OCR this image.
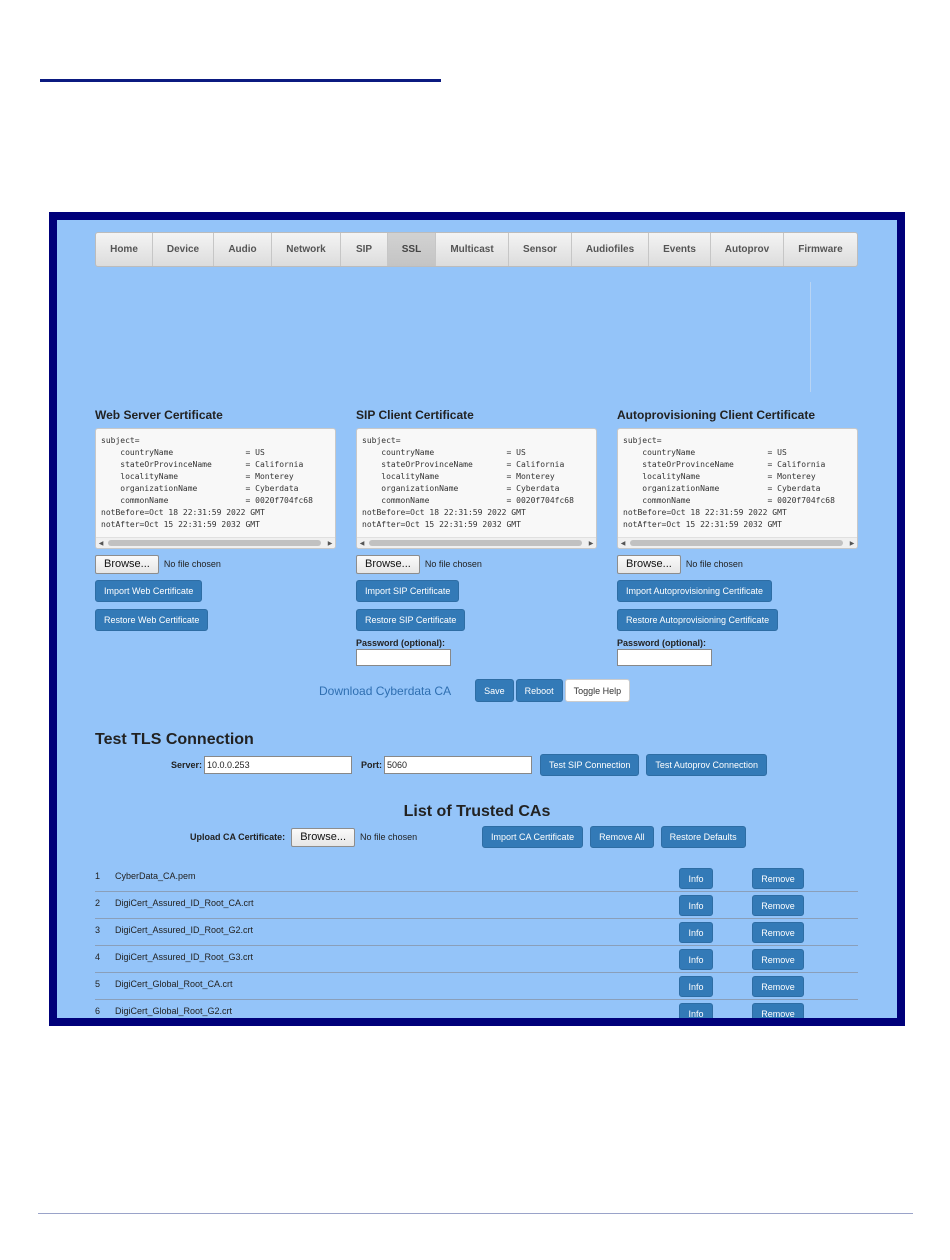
Home	Device	Audio	Network	SIP	SSL	Multicast	Sensor	Audiofiles	Events	Autoprov	Firmware
Web Server Certificate
subject=
countryName               = US
stateOrProvinceName       = California
localityName              = Monterey
organizationName          = Cyberdata
commonName                = 0020f704fc68
notBefore=Oct 18 22:31:59 2022 GMT
notAfter=Oct 15 22:31:59 2032 GMT
◀	▶
Browse...	No file chosen
Import Web Certificate
Restore Web Certificate
SIP Client Certificate
subject=
countryName               = US
stateOrProvinceName       = California
localityName              = Monterey
organizationName          = Cyberdata
commonName                = 0020f704fc68
notBefore=Oct 18 22:31:59 2022 GMT
notAfter=Oct 15 22:31:59 2032 GMT
◀	▶
Browse...	No file chosen
Import SIP Certificate
Restore SIP Certificate
Password (optional):
Autoprovisioning Client Certificate
subject=
countryName               = US
stateOrProvinceName       = California
localityName              = Monterey
organizationName          = Cyberdata
commonName                = 0020f704fc68
notBefore=Oct 18 22:31:59 2022 GMT
notAfter=Oct 15 22:31:59 2032 GMT
◀	▶
Browse...	No file chosen
Import Autoprovisioning Certificate
Restore Autoprovisioning Certificate
Password (optional):
Download Cyberdata CA	Save	Reboot	Toggle Help
Test TLS Connection
Server: 10.0.0.253	Port: 5060	Test SIP Connection	Test Autoprov Connection
List of Trusted CAs
Upload CA Certificate:	Browse...	No file chosen	Import CA Certificate	Remove All	Restore Defaults
1 CyberData_CA.pem	Info	Remove
2 DigiCert_Assured_ID_Root_CA.crt	Info	Remove
3 DigiCert_Assured_ID_Root_G2.crt	Info	Remove
4 DigiCert_Assured_ID_Root_G3.crt	Info	Remove
5 DigiCert_Global_Root_CA.crt	Info	Remove
6 DigiCert_Global_Root_G2.crt	Info	Remove
